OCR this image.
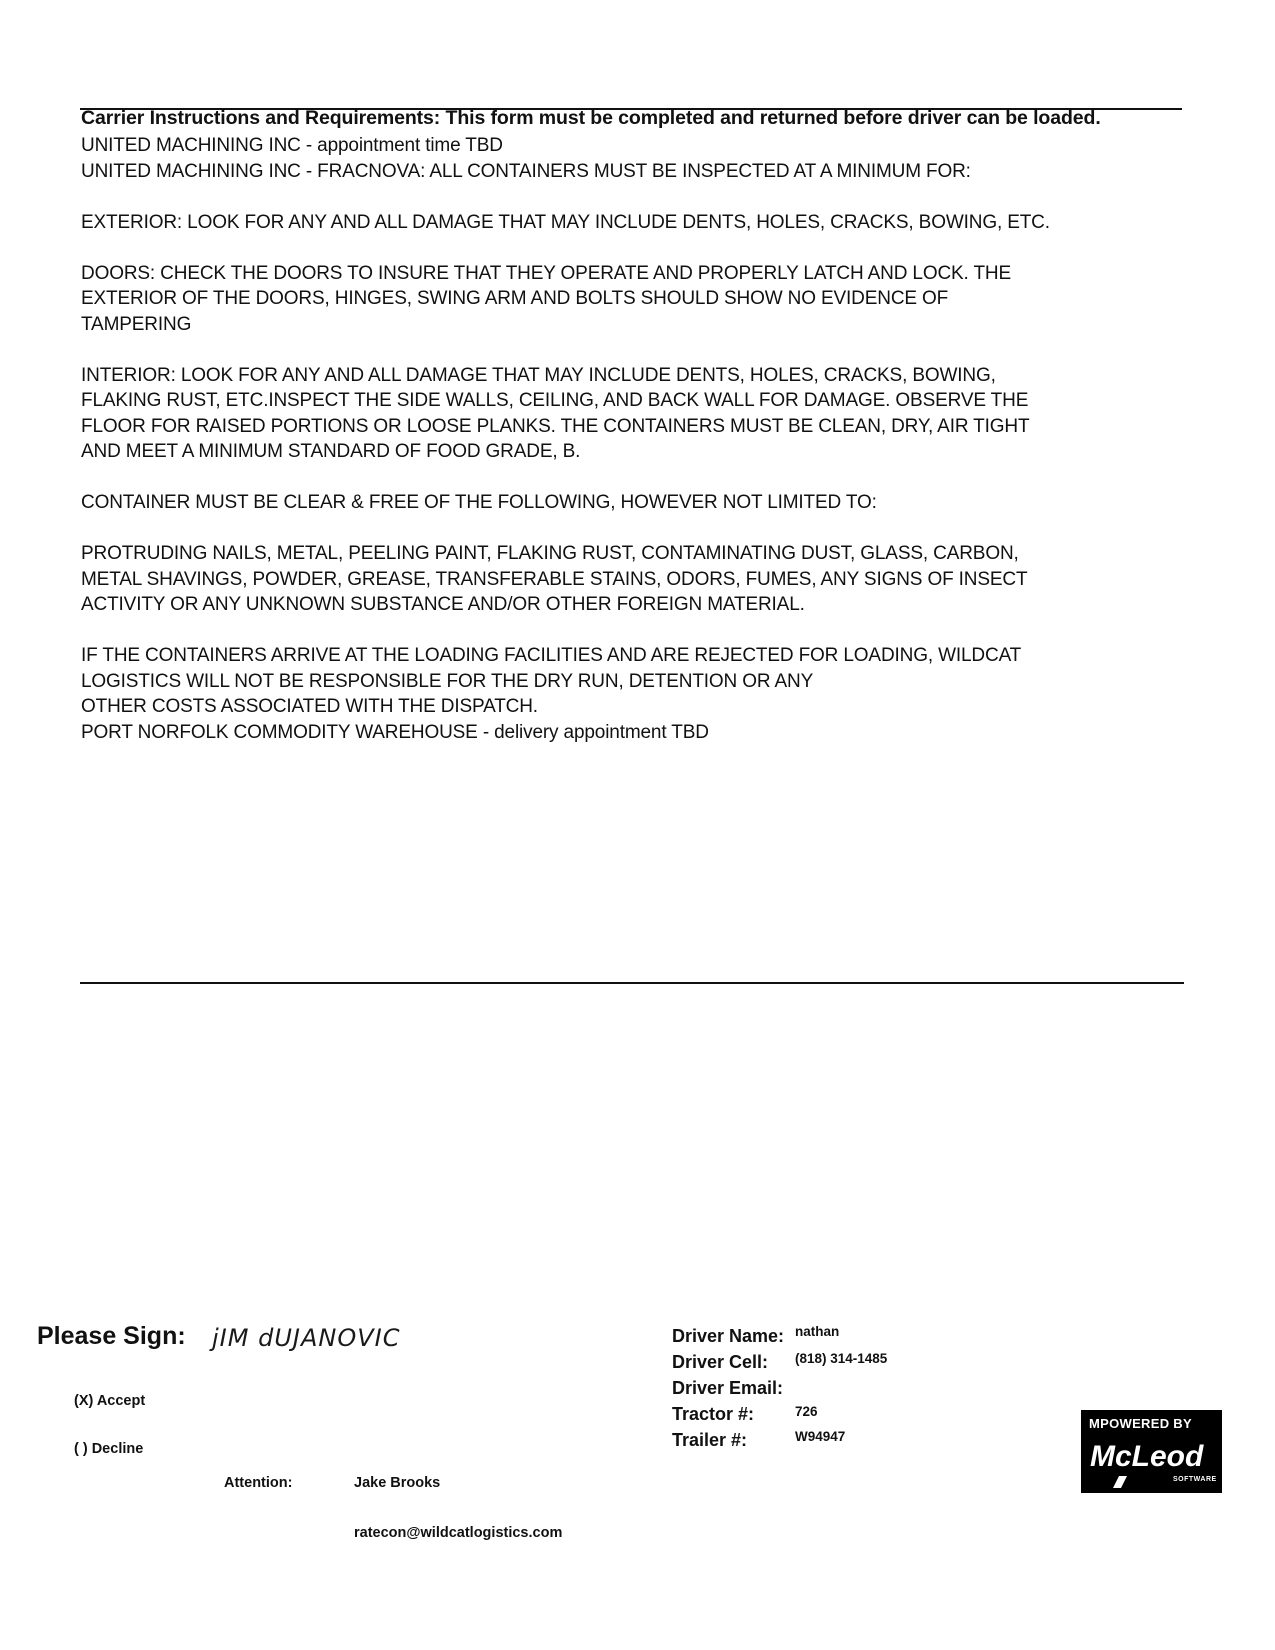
Carrier Instructions and Requirements: This form must be completed and returned before driver can be loaded.
UNITED MACHINING INC - appointment time TBD
UNITED MACHINING INC - FRACNOVA: ALL CONTAINERS MUST BE INSPECTED AT A MINIMUM FOR:
EXTERIOR: LOOK FOR ANY AND ALL DAMAGE THAT MAY INCLUDE DENTS, HOLES, CRACKS, BOWING, ETC.
DOORS: CHECK THE DOORS TO INSURE THAT THEY OPERATE AND PROPERLY LATCH AND LOCK. THE
EXTERIOR OF THE DOORS, HINGES, SWING ARM AND BOLTS SHOULD SHOW NO EVIDENCE OF
TAMPERING
INTERIOR: LOOK FOR ANY AND ALL DAMAGE THAT MAY INCLUDE DENTS, HOLES, CRACKS, BOWING,
FLAKING RUST, ETC.INSPECT THE SIDE WALLS, CEILING, AND BACK WALL FOR DAMAGE. OBSERVE THE
FLOOR FOR RAISED PORTIONS OR LOOSE PLANKS. THE CONTAINERS MUST BE CLEAN, DRY, AIR TIGHT
AND MEET A MINIMUM STANDARD OF FOOD GRADE, B.
CONTAINER MUST BE CLEAR & FREE OF THE FOLLOWING, HOWEVER NOT LIMITED TO:
PROTRUDING NAILS, METAL, PEELING PAINT, FLAKING RUST, CONTAMINATING DUST, GLASS, CARBON,
METAL SHAVINGS, POWDER, GREASE, TRANSFERABLE STAINS, ODORS, FUMES, ANY SIGNS OF INSECT
ACTIVITY OR ANY UNKNOWN SUBSTANCE AND/OR OTHER FOREIGN MATERIAL.
IF THE CONTAINERS ARRIVE AT THE LOADING FACILITIES AND ARE REJECTED FOR LOADING, WILDCAT
LOGISTICS WILL NOT BE RESPONSIBLE FOR THE DRY RUN, DETENTION OR ANY
OTHER COSTS ASSOCIATED WITH THE DISPATCH.
PORT NORFOLK COMMODITY WAREHOUSE - delivery appointment TBD
Please Sign: jIM dUJANOVIC
(X) Accept
( ) Decline
Attention:	Jake Brooks
ratecon@wildcatlogistics.com
Driver Name: nathan
Driver Cell: (818) 314-1485
Driver Email:
Tractor #:	726
Trailer #:	W94947
MPOWERED BY
McLeod
SOFTWARE
